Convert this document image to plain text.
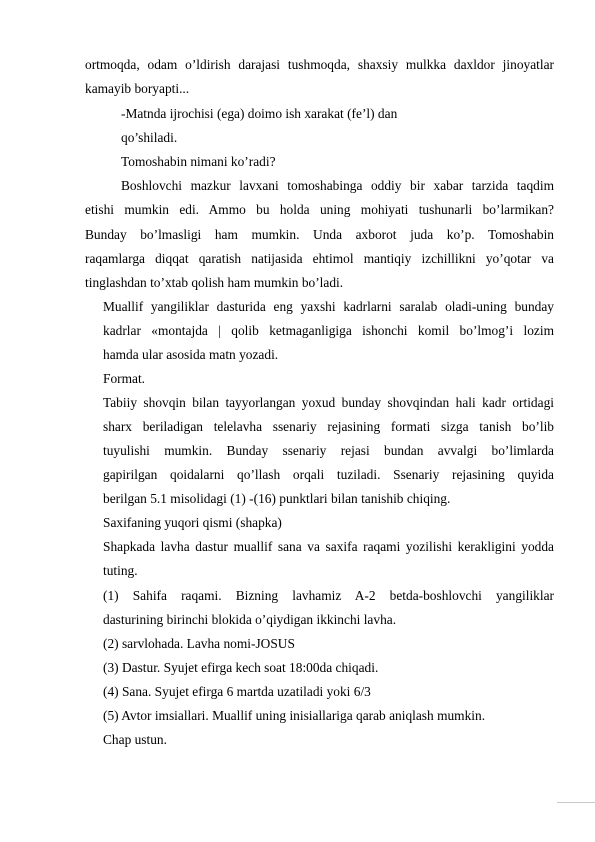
ortmoqda, odam o’ldirish darajasi tushmoqda, shaxsiy mulkka daxldor jinoyatlar
kamayib boryapti...
-Matnda ijrochisi (ega) doimo ish xarakat (fe’l) dan
qo’shiladi.
Tomoshabin nimani ko’radi?
Boshlovchi mazkur lavxani tomoshabinga oddiy bir xabar tarzida taqdim
etishi mumkin edi. Ammo bu holda uning mohiyati tushunarli bo’larmikan?
Bunday bo’lmasligi ham mumkin. Unda axborot juda ko’p. Tomoshabin
raqamlarga diqqat qaratish natijasida ehtimol mantiqiy izchillikni yo’qotar va
tinglashdan to’xtab qolish ham mumkin bo’ladi.
Muallif yangiliklar dasturida eng yaxshi kadrlarni saralab oladi-uning bunday
kadrlar «montajda | qolib ketmaganligiga ishonchi komil bo’lmog’i lozim
hamda ular asosida matn yozadi.
Format.
Tabiiy shovqin bilan tayyorlangan yoxud bunday shovqindan hali kadr ortidagi
sharx beriladigan telelavha ssenariy rejasining formati sizga tanish bo’lib
tuyulishi mumkin. Bunday ssenariy rejasi bundan avvalgi bo’limlarda
gapirilgan qoidalarni qo’llash orqali tuziladi. Ssenariy rejasining quyida
berilgan 5.1 misolidagi (1) -(16) punktlari bilan tanishib chiqing.
Saxifaning yuqori qismi (shapka)
Shapkada lavha dastur muallif sana va saxifa raqami yozilishi kerakligini yodda
tuting.
(1) Sahifa raqami. Bizning lavhamiz A-2 betda-boshlovchi yangiliklar
dasturining birinchi blokida o’qiydigan ikkinchi lavha.
(2) sarvlohada. Lavha nomi-JOSUS
(3) Dastur. Syujet efirga kech soat 18:00da chiqadi.
(4) Sana. Syujet efirga 6 martda uzatiladi yoki 6/3
(5) Avtor imsiallari. Muallif uning inisiallariga qarab aniqlash mumkin.
Chap ustun.
